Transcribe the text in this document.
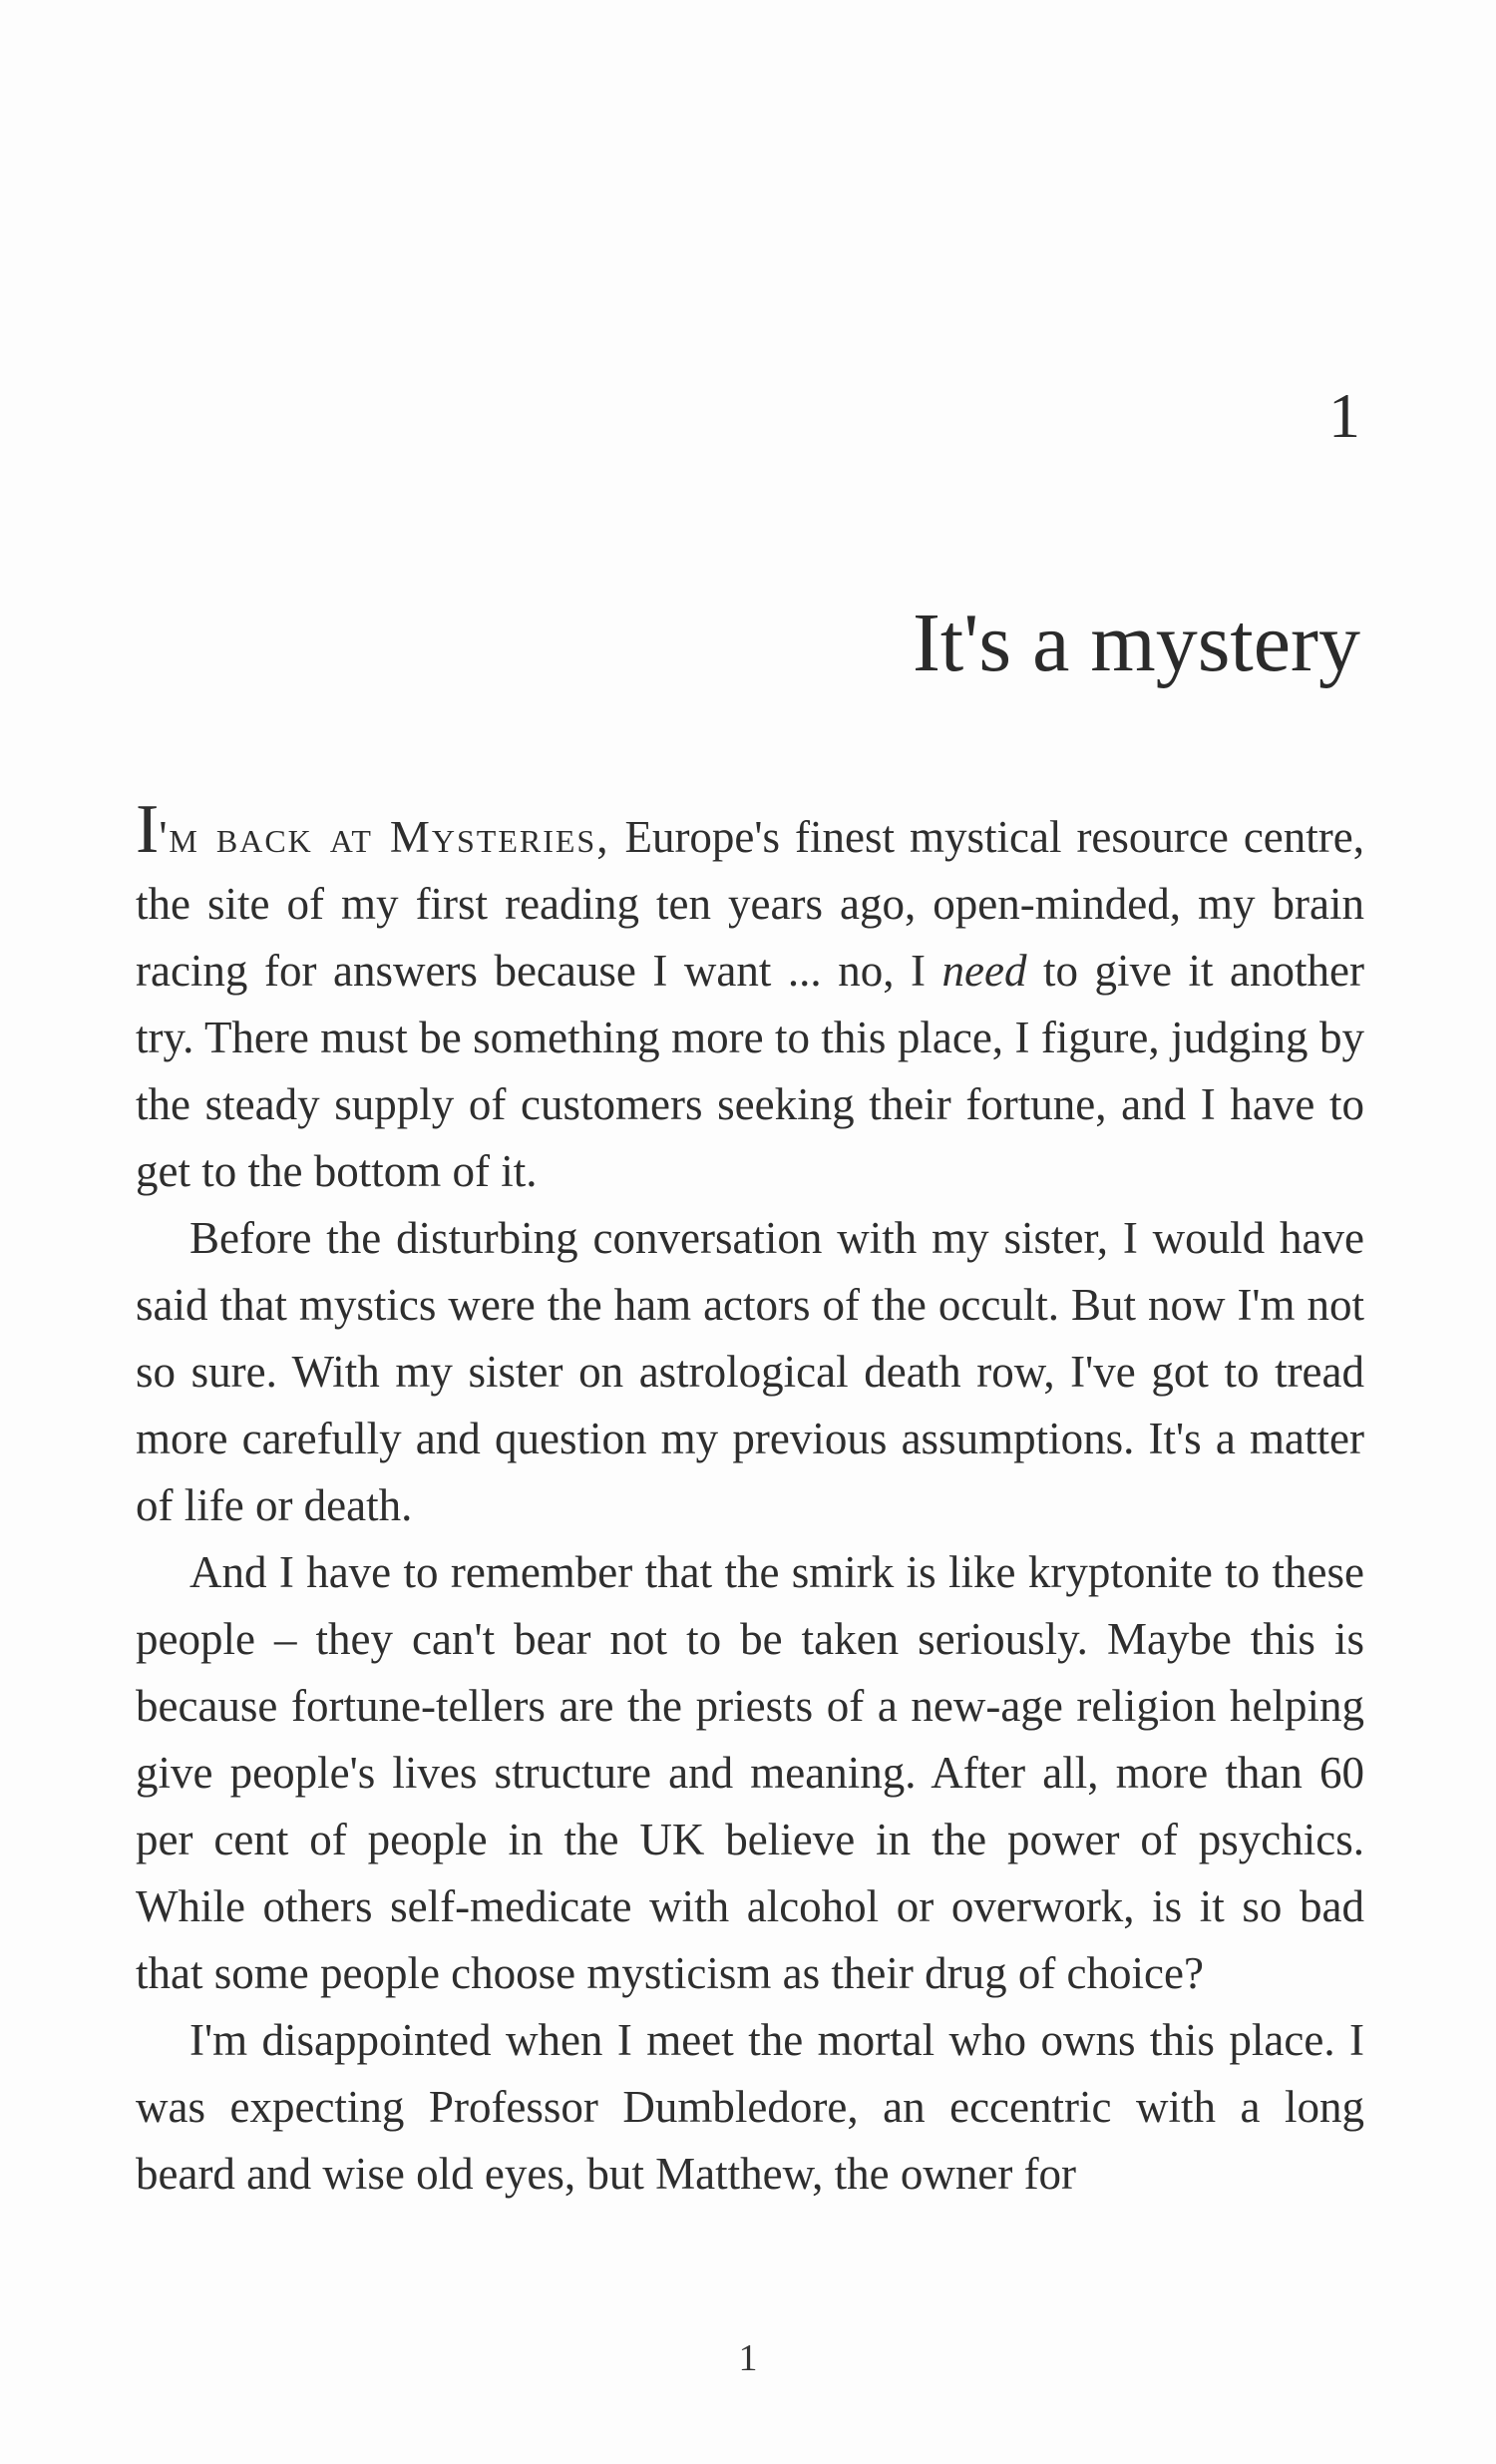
1
It's a mystery

I'm back at Mysteries, Europe's finest mystical resource centre, the site of my first reading ten years ago, open-minded, my brain racing for answers because I want ... no, I need to give it another try. There must be something more to this place, I figure, judging by the steady supply of customers seeking their fortune, and I have to get to the bottom of it.

Before the disturbing conversation with my sister, I would have said that mystics were the ham actors of the occult. But now I'm not so sure. With my sister on astrological death row, I've got to tread more carefully and question my previous assumptions. It's a matter of life or death.

And I have to remember that the smirk is like kryptonite to these people – they can't bear not to be taken seriously. Maybe this is because fortune-tellers are the priests of a new-age religion helping give people's lives structure and meaning. After all, more than 60 per cent of people in the UK believe in the power of psychics. While others self-medicate with alcohol or overwork, is it so bad that some people choose mysticism as their drug of choice?

I'm disappointed when I meet the mortal who owns this place. I was expecting Professor Dumbledore, an eccentric with a long beard and wise old eyes, but Matthew, the owner for

1
